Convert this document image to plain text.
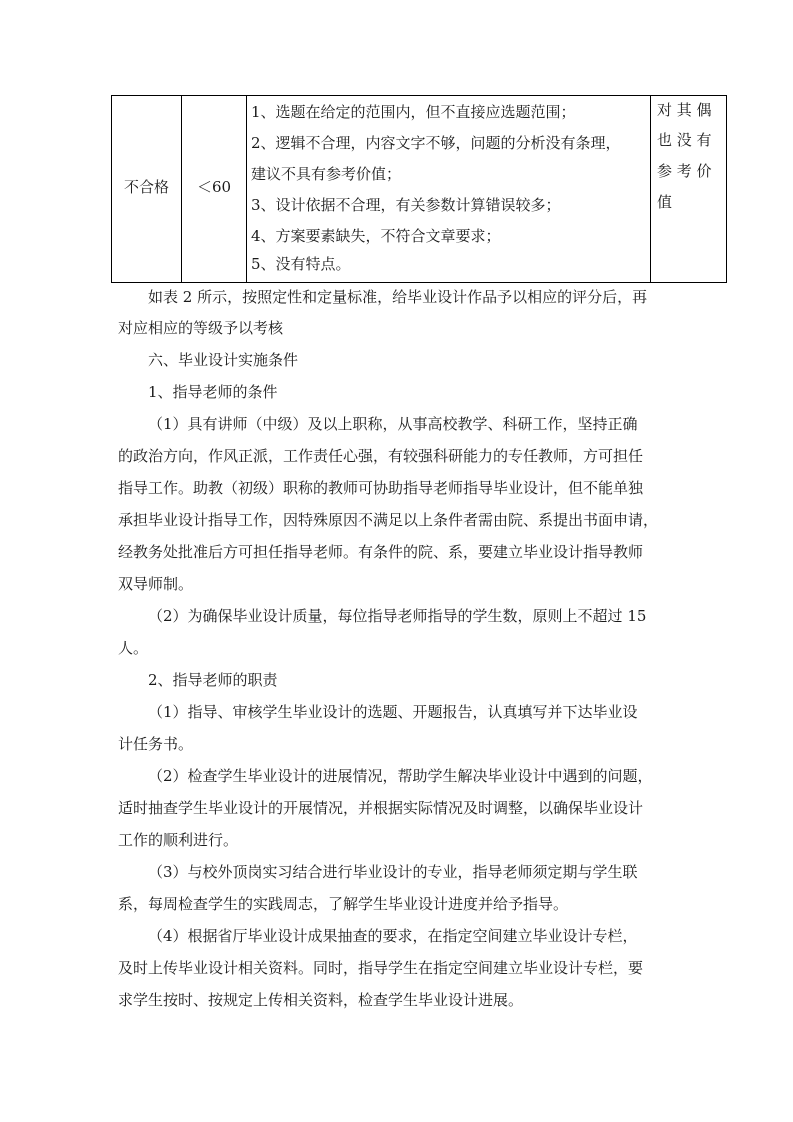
不合格	＜60
1、选题在给定的范围内，但不直接应选题范围；
2、逻辑不合理，内容文字不够，问题的分析没有条理，
建议不具有参考价值；
3、设计依据不合理，有关参数计算错误较多；
4、方案要素缺失，不符合文章要求；
5、没有特点。
对 其 偶
也 没 有
参 考 价
值
如表 2 所示，按照定性和定量标准，给毕业设计作品予以相应的评分后，再
对应相应的等级予以考核
六、毕业设计实施条件
1、指导老师的条件
（1）具有讲师（中级）及以上职称，从事高校教学、科研工作，坚持正确
的政治方向，作风正派，工作责任心强，有较强科研能力的专任教师，方可担任
指导工作。助教（初级）职称的教师可协助指导老师指导毕业设计，但不能单独
承担毕业设计指导工作，因特殊原因不满足以上条件者需由院、系提出书面申请，
经教务处批准后方可担任指导老师。有条件的院、系，要建立毕业设计指导教师
双导师制。
（2）为确保毕业设计质量，每位指导老师指导的学生数，原则上不超过 15
人。
2、指导老师的职责
（1）指导、审核学生毕业设计的选题、开题报告，认真填写并下达毕业设
计任务书。
（2）检查学生毕业设计的进展情况，帮助学生解决毕业设计中遇到的问题，
适时抽查学生毕业设计的开展情况，并根据实际情况及时调整，以确保毕业设计
工作的顺利进行。
（3）与校外顶岗实习结合进行毕业设计的专业，指导老师须定期与学生联
系，每周检查学生的实践周志，了解学生毕业设计进度并给予指导。
（4）根据省厅毕业设计成果抽查的要求，在指定空间建立毕业设计专栏，
及时上传毕业设计相关资料。同时，指导学生在指定空间建立毕业设计专栏，要
求学生按时、按规定上传相关资料，检查学生毕业设计进展。
